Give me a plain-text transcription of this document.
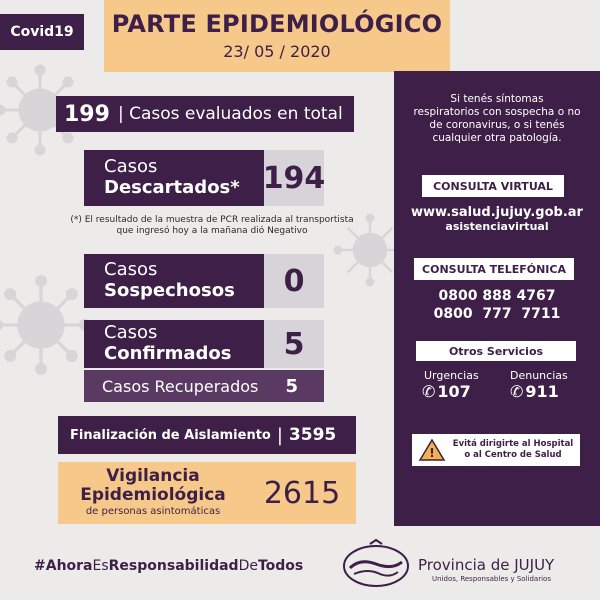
Covid19	PARTE EPIDEMIOLÓGICO
23/ 05 / 2020
199 | Casos evaluados en total
Casos
Descartados* 194
(*) El resultado de la muestra de PCR realizada al transportista que ingresó hoy a la mañana dió Negativo
Casos
Sospechosos	0
Casos
Confirmados	5
Casos Recuperados 5
Finalización de Aislamiento | 3595
Vigilancia
Epidemiológica
de personas asintomáticas
2615
Si tenés síntomas
respiratorios con sospecha o no
de coronavirus, o si tenés
cualquier otra patología.
CONSULTA VIRTUAL
www.salud.jujuy.gob.ar
asistenciavirtual
CONSULTA TELEFÓNICA
0800 888 4767
0800  777  7711
Otros Servicios
Urgencias
✆ 107
Denuncias
✆ 911
!
Evitá dirigirte al Hospital
o al Centro de Salud
#AhoraEsResponsabilidadDeTodos	Provincia de JUJUY
Unidos, Responsables y Solidarios
